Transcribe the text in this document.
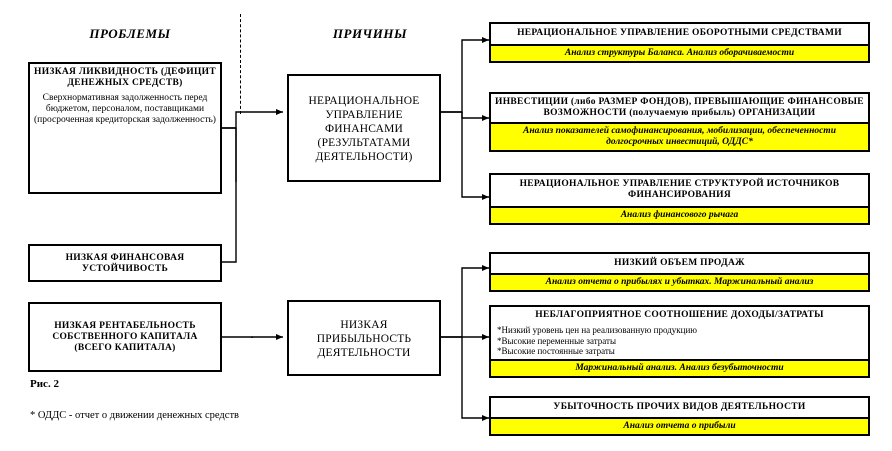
ПРОБЛЕМЫ	ПРИЧИНЫ
НИЗКАЯ ЛИКВИДНОСТЬ (ДЕФИЦИТ ДЕНЕЖНЫХ СРЕДСТВ)
Сверхнормативная задолженность перед бюджетом, персоналом, поставщиками (просроченная кредиторская задолженность)
НИЗКАЯ ФИНАНСОВАЯ УСТОЙЧИВОСТЬ
НИЗКАЯ РЕНТАБЕЛЬНОСТЬ СОБСТВЕННОГО КАПИТАЛА (ВСЕГО КАПИТАЛА)
НЕРАЦИОНАЛЬНОЕ УПРАВЛЕНИЕ ФИНАНСАМИ (РЕЗУЛЬТАТАМИ ДЕЯТЕЛЬНОСТИ)
НИЗКАЯ ПРИБЫЛЬНОСТЬ ДЕЯТЕЛЬНОСТИ
НЕРАЦИОНАЛЬНОЕ УПРАВЛЕНИЕ ОБОРОТНЫМИ СРЕДСТВАМИ
Анализ структуры Баланса. Анализ оборачиваемости
ИНВЕСТИЦИИ (либо РАЗМЕР ФОНДОВ), ПРЕВЫШАЮЩИЕ ФИНАНСОВЫЕ ВОЗМОЖНОСТИ (получаемую прибыль) ОРГАНИЗАЦИИ
Анализ показателей самофинансирования, мобилизации, обеспеченности долгосрочных инвестиций, ОДДС*
НЕРАЦИОНАЛЬНОЕ УПРАВЛЕНИЕ СТРУКТУРОЙ ИСТОЧНИКОВ ФИНАНСИРОВАНИЯ
Анализ финансового рычага
НИЗКИЙ ОБЪЕМ ПРОДАЖ
Анализ отчета о прибылях и убытках. Маржинальный анализ
НЕБЛАГОПРИЯТНОЕ СООТНОШЕНИЕ ДОХОДЫ/ЗАТРАТЫ
*Низкий уровень цен на реализованную продукцию
*Высокие переменные затраты
*Высокие постоянные затраты
Маржинальный анализ. Анализ безубыточности
УБЫТОЧНОСТЬ ПРОЧИХ ВИДОВ ДЕЯТЕЛЬНОСТИ
Анализ отчета о прибыли
Рис. 2
* ОДДС - отчет о движении денежных средств
